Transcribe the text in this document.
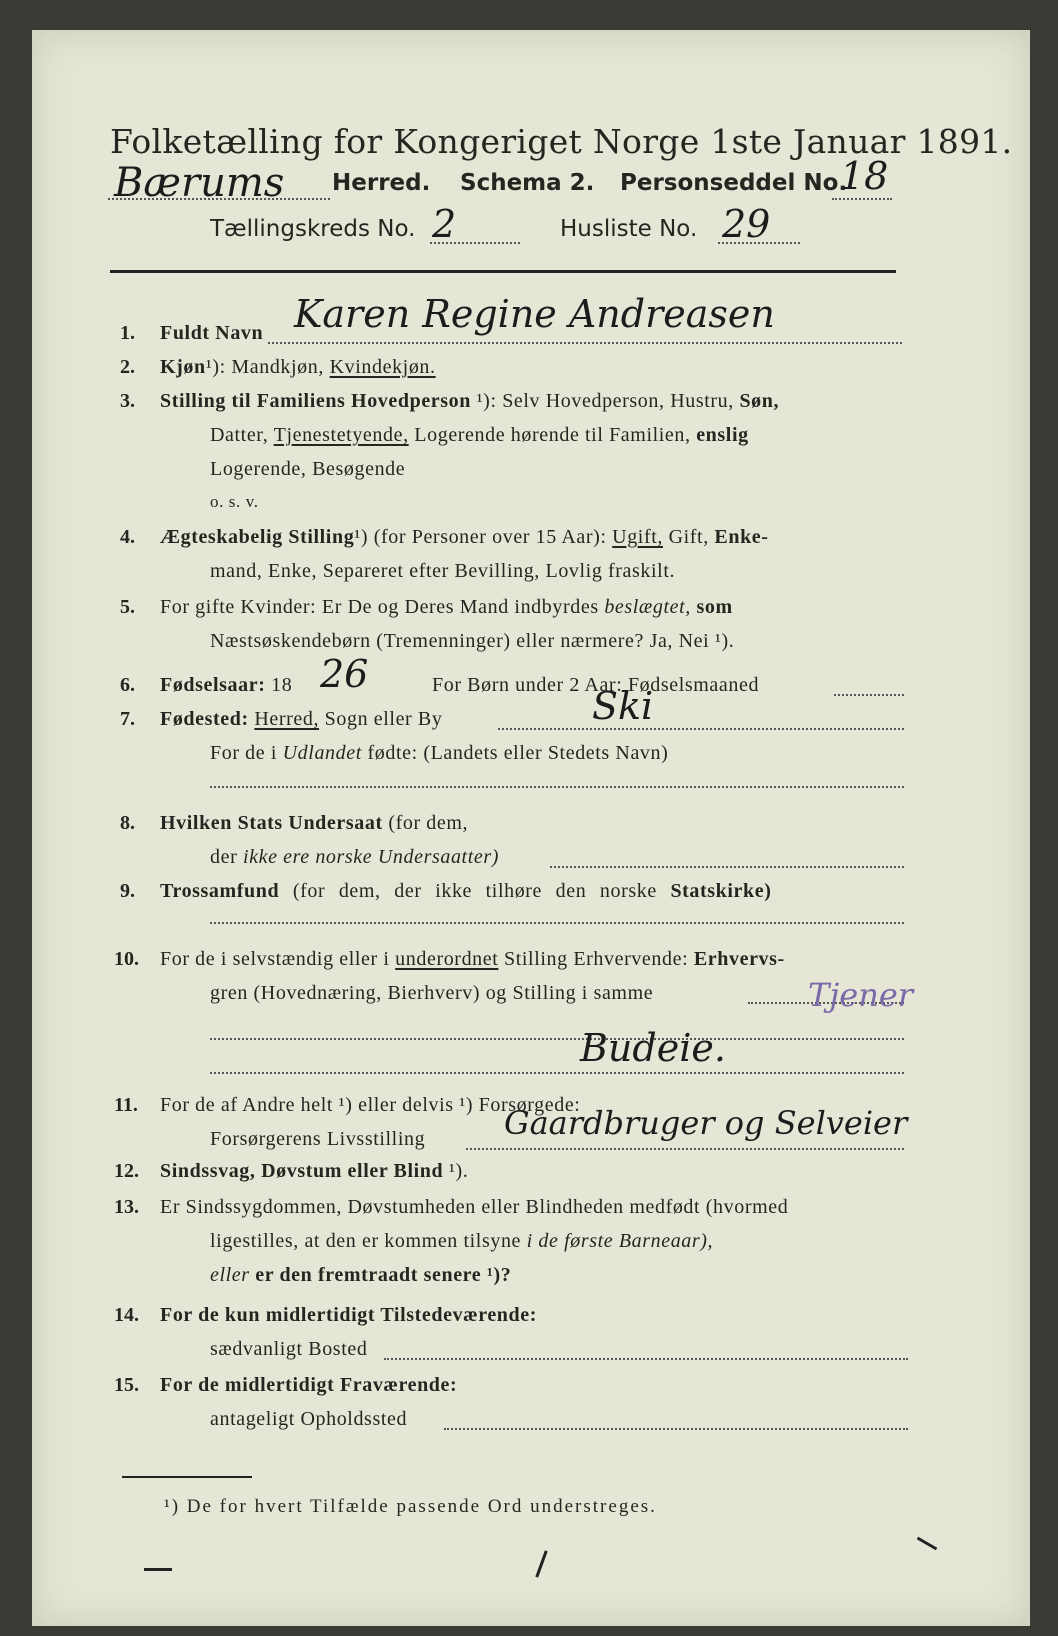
Folketælling for Kongeriget Norge 1ste Januar 1891.
Bærums Herred. Schema 2. Personseddel No.
18
Tællingskreds No. 2	Husliste No. 29
1. Fuldt Navn Karen Regine Andreasen
2. Kjøn¹): Mandkjøn, Kvindekjøn.
3. Stilling til Familiens Hovedperson ¹): Selv Hovedperson, Hustru, Søn,
Datter, Tjenestetyende, Logerende hørende til Familien, enslig
Logerende, Besøgende
o. s. v.
4. Ægteskabelig Stilling¹) (for Personer over 15 Aar): Ugift, Gift, Enke-
mand, Enke, Separeret efter Bevilling, Lovlig fraskilt.
5. For gifte Kvinder: Er De og Deres Mand indbyrdes beslægtet, som
Næstsøskendebørn (Tremenninger) eller nærmere? Ja, Nei ¹).
6. Fødselsaar: 18 26	For Børn under 2 Aar: Fødselsmaaned
7. Fødested: Herred, Sogn eller By	Ski
For de i Udlandet fødte: (Landets eller Stedets Navn)
8. Hvilken Stats Undersaat (for dem,
der ikke ere norske Undersaatter)
9. Trossamfund (for dem, der ikke tilhøre den norske Statskirke)
10. For de i selvstændig eller i underordnet Stilling Erhvervende: Erhvervs-
gren (Hovednæring, Bierhverv) og Stilling i samme	Tjener
Budeie.
11. For de af Andre helt ¹) eller delvis ¹) Forsørgede:
Forsørgerens Livsstilling Gaardbruger og Selveier
12. Sindssvag, Døvstum eller Blind ¹).
13. Er Sindssygdommen, Døvstumheden eller Blindheden medfødt (hvormed
ligestilles, at den er kommen tilsyne i de første Barneaar),
eller er den fremtraadt senere ¹)?
14. For de kun midlertidigt Tilstedeværende:
sædvanligt Bosted
15. For de midlertidigt Fraværende:
antageligt Opholdssted
¹) De for hvert Tilfælde passende Ord understreges.
